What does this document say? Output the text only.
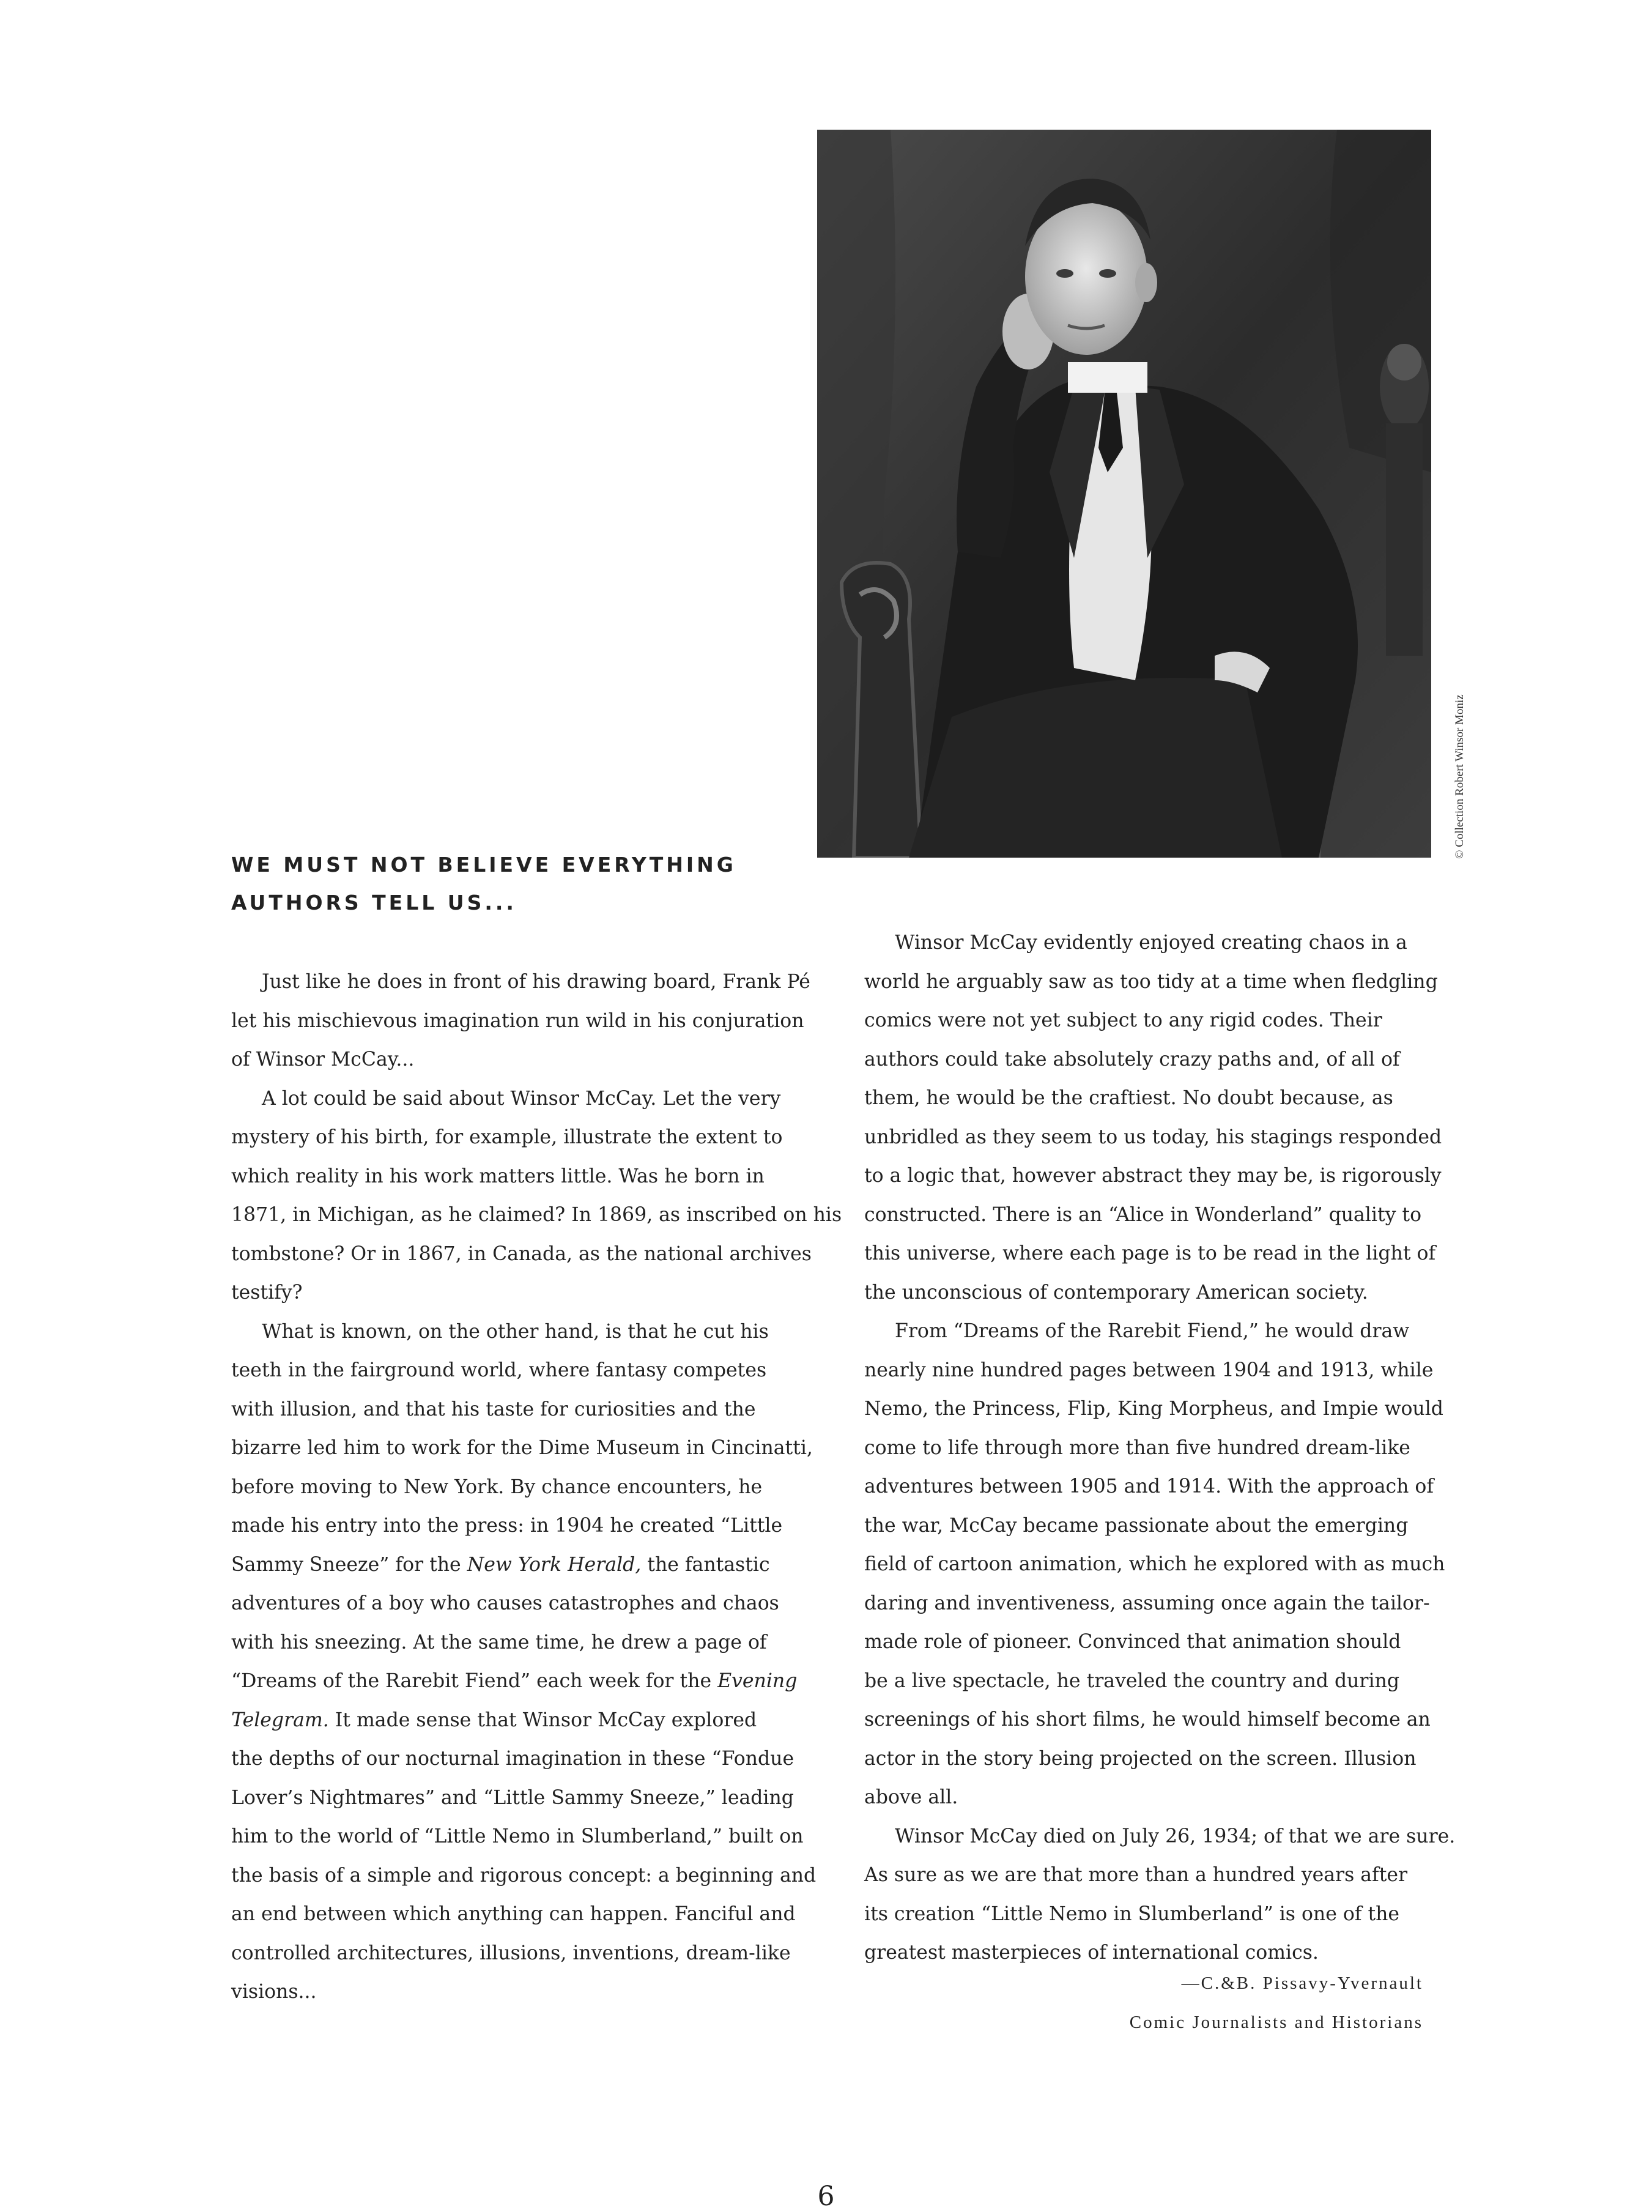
© Collection Robert Winsor Moniz
WE MUST NOT BELIEVE EVERYTHING
AUTHORS TELL US...

Just like he does in front of his drawing board, Frank Pé
let his mischievous imagination run wild in his conjuration
of Winsor McCay...

A lot could be said about Winsor McCay. Let the very
mystery of his birth, for example, illustrate the extent to
which reality in his work matters little. Was he born in
1871, in Michigan, as he claimed? In 1869, as inscribed on his
tombstone? Or in 1867, in Canada, as the national archives
testify?

What is known, on the other hand, is that he cut his
teeth in the fairground world, where fantasy competes
with illusion, and that his taste for curiosities and the
bizarre led him to work for the Dime Museum in Cincinatti,
before moving to New York. By chance encounters, he
made his entry into the press: in 1904 he created “Little
Sammy Sneeze” for the New York Herald, the fantastic
adventures of a boy who causes catastrophes and chaos
with his sneezing. At the same time, he drew a page of
“Dreams of the Rarebit Fiend” each week for the Evening
Telegram. It made sense that Winsor McCay explored
the depths of our nocturnal imagination in these “Fondue
Lover’s Nightmares” and “Little Sammy Sneeze,” leading
him to the world of “Little Nemo in Slumberland,” built on
the basis of a simple and rigorous concept: a beginning and
an end between which anything can happen. Fanciful and
controlled architectures, illusions, inventions, dream-like
visions...

Winsor McCay evidently enjoyed creating chaos in a
world he arguably saw as too tidy at a time when fledgling
comics were not yet subject to any rigid codes. Their
authors could take absolutely crazy paths and, of all of
them, he would be the craftiest. No doubt because, as
unbridled as they seem to us today, his stagings responded
to a logic that, however abstract they may be, is rigorously
constructed. There is an “Alice in Wonderland” quality to
this universe, where each page is to be read in the light of
the unconscious of contemporary American society.

From “Dreams of the Rarebit Fiend,” he would draw
nearly nine hundred pages between 1904 and 1913, while
Nemo, the Princess, Flip, King Morpheus, and Impie would
come to life through more than five hundred dream-like
adventures between 1905 and 1914. With the approach of
the war, McCay became passionate about the emerging
field of cartoon animation, which he explored with as much
daring and inventiveness, assuming once again the tailor-
made role of pioneer. Convinced that animation should
be a live spectacle, he traveled the country and during
screenings of his short films, he would himself become an
actor in the story being projected on the screen. Illusion
above all.

Winsor McCay died on July 26, 1934; of that we are sure.
As sure as we are that more than a hundred years after
its creation “Little Nemo in Slumberland” is one of the
greatest masterpieces of international comics.

—C.&B. Pissavy-Yvernault
Comic Journalists and Historians
6
